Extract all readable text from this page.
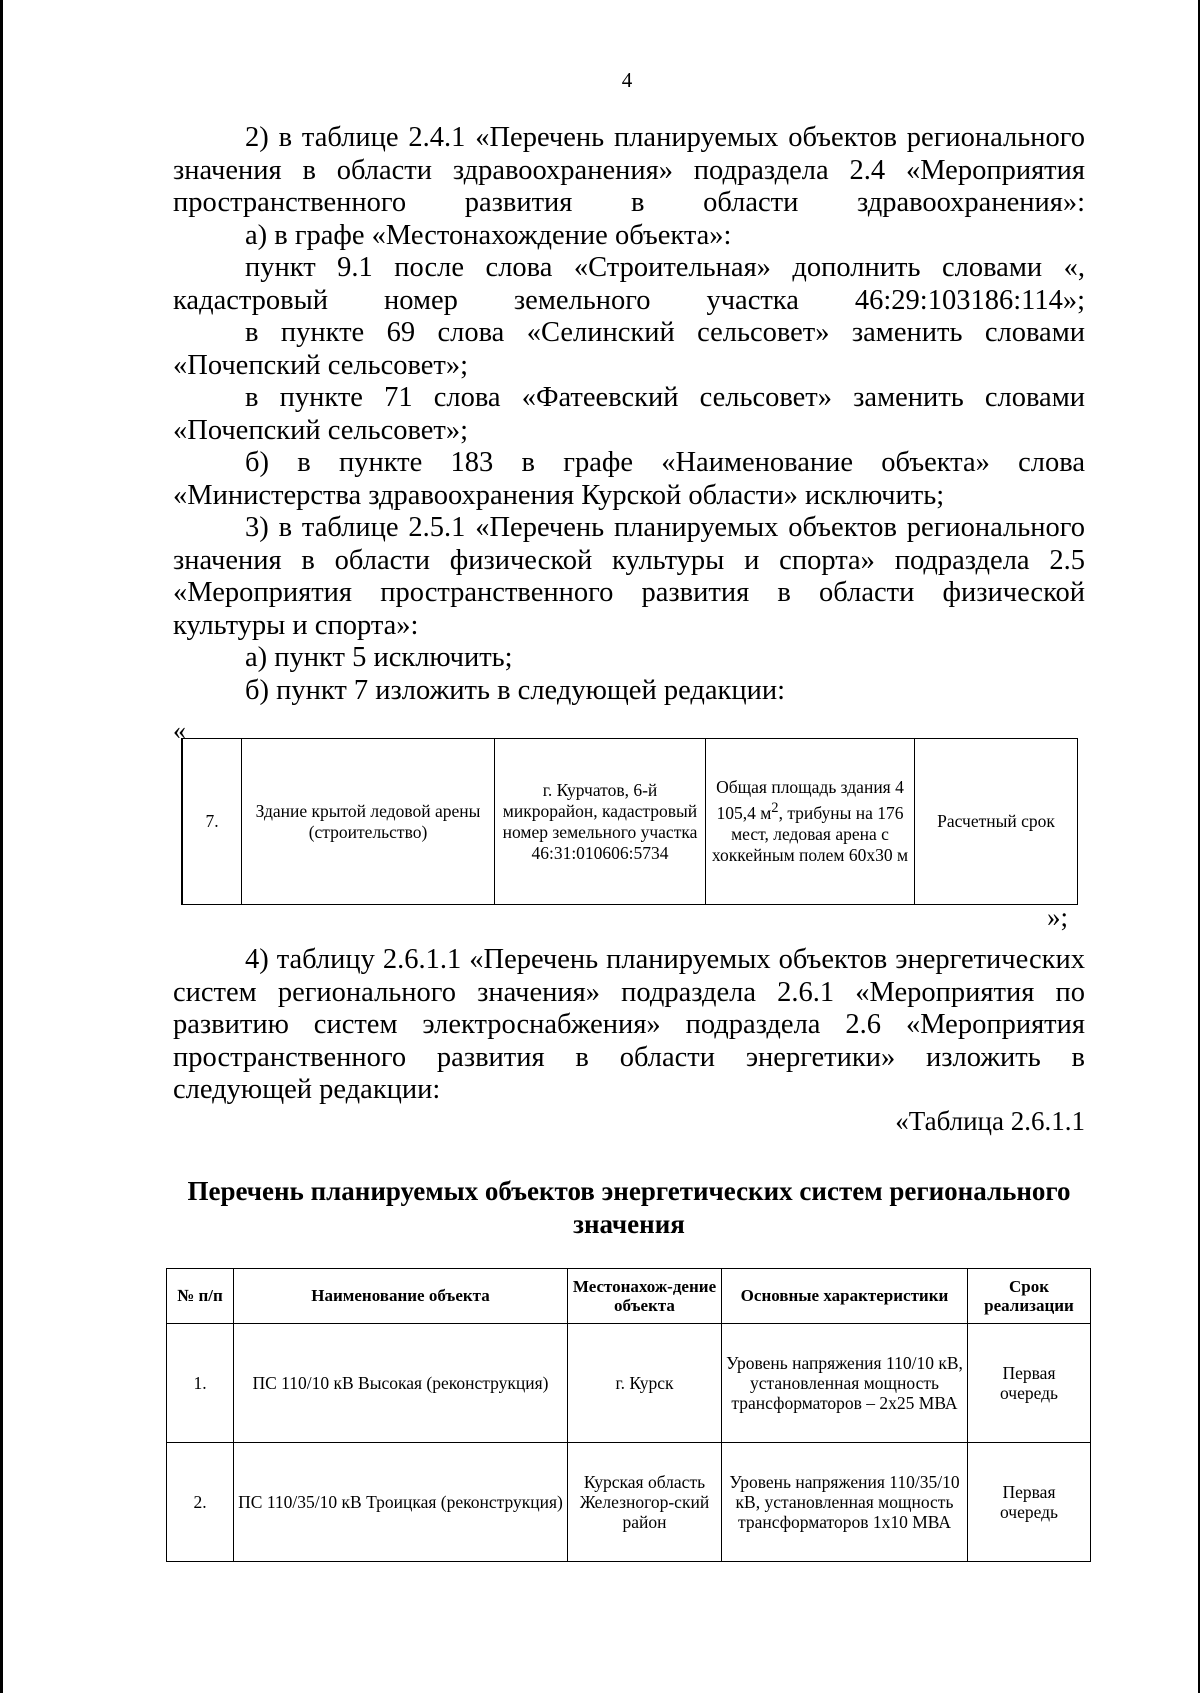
4

2) в таблице 2.4.1 «Перечень планируемых объектов регионального значения в области здравоохранения» подраздела 2.4 «Мероприятия пространственного развития в области здравоохранения»:

а) в графе «Местонахождение объекта»:

пункт 9.1 после слова «Строительная» дополнить словами «, кадастровый номер земельного участка 46:29:103186:114»;

в пункте 69 слова «Селинский сельсовет» заменить словами «Почепский сельсовет»;

в пункте 71 слова «Фатеевский сельсовет» заменить словами «Почепский сельсовет»;

б) в пункте 183 в графе «Наименование объекта» слова «Министерства здравоохранения Курской области» исключить;

3) в таблице 2.5.1 «Перечень планируемых объектов регионального значения в области физической культуры и спорта» подраздела 2.5 «Мероприятия пространственного развития в области физической культуры и спорта»:

а) пункт 5 исключить;

б) пункт 7 изложить в следующей редакции:

«
7.	Здание крытой ледовой арены (строительство)	г. Курчатов, 6-й микрорайон, кадастровый номер земельного участка 46:31:010606:5734	Общая площадь здания 4 105,4 $м^2$, трибуны на 176 мест, ледовая арена с хоккейным полем 60х30 м	Расчетный срок
»;

4) таблицу 2.6.1.1 «Перечень планируемых объектов энергетических систем регионального значения» подраздела 2.6.1 «Мероприятия по развитию систем электроснабжения» подраздела 2.6 «Мероприятия пространственного развития в области энергетики» изложить в следующей редакции:

«Таблица 2.6.1.1
Перечень планируемых объектов энергетических систем регионального значения
№ п/п	Наименование объекта	Местонахож-дение объекта	Основные характеристики	Срок реализации
1.	ПС 110/10 кВ Высокая (реконструкция)	г. Курск	Уровень напряжения 110/10 кВ, установленная мощность трансформаторов – 2х25 МВА	Первая очередь
2.	ПС 110/35/10 кВ Троицкая (реконструкция)	Курская область Железногор-ский район	Уровень напряжения 110/35/10 кВ, установленная мощность трансформаторов 1х10 МВА	Первая очередь
